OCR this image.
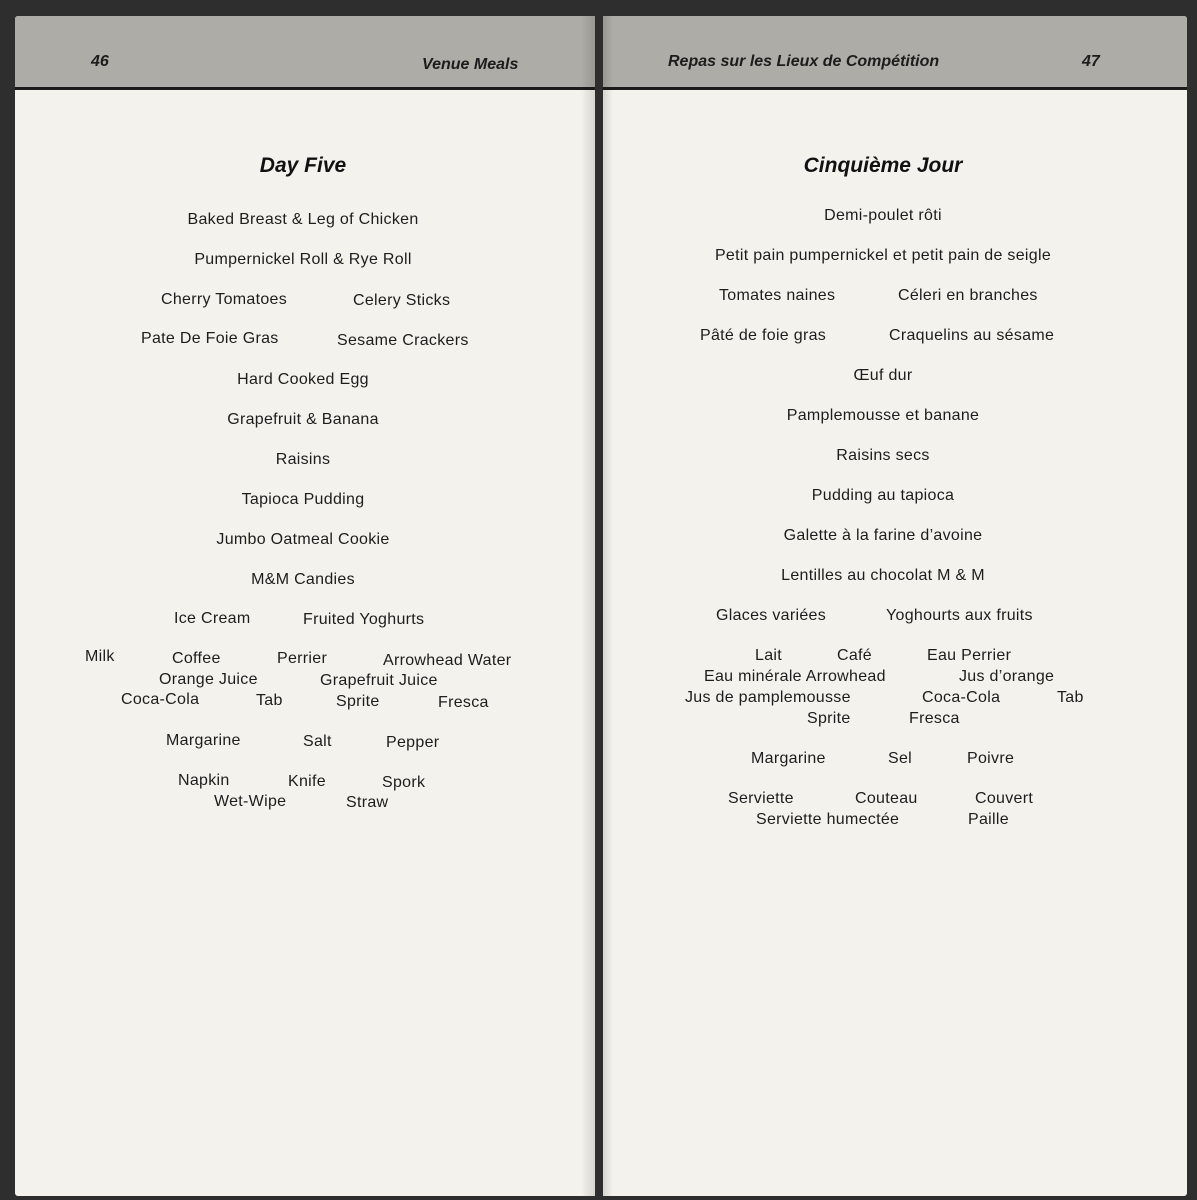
46	Venue Meals
Day Five
Baked Breast & Leg of Chicken
Pumpernickel Roll & Rye Roll
Cherry Tomatoes	Celery Sticks
Pate De Foie Gras	Sesame Crackers
Hard Cooked Egg
Grapefruit & Banana
Raisins
Tapioca Pudding
Jumbo Oatmeal Cookie
M&M Candies
Ice Cream	Fruited Yoghurts
Milk	Coffee	Perrier	Arrowhead Water
Orange Juice	Grapefruit Juice
Coca-Cola	Tab	Sprite	Fresca
Margarine	Salt	Pepper
Napkin	Knife	Spork
Wet-Wipe	Straw
Repas sur les Lieux de Compétition	47
Cinquième Jour
Demi-poulet rôti
Petit pain pumpernickel et petit pain de seigle
Tomates naines	Céleri en branches
Pâté de foie gras	Craquelins au sésame
Œuf dur
Pamplemousse et banane
Raisins secs
Pudding au tapioca
Galette à la farine d’avoine
Lentilles au chocolat M & M
Glaces variées	Yoghourts aux fruits
Lait	Café	Eau Perrier
Eau minérale Arrowhead	Jus d’orange
Jus de pamplemousse	Coca-Cola	Tab
Sprite	Fresca
Margarine	Sel	Poivre
Serviette	Couteau	Couvert
Serviette humectée	Paille
